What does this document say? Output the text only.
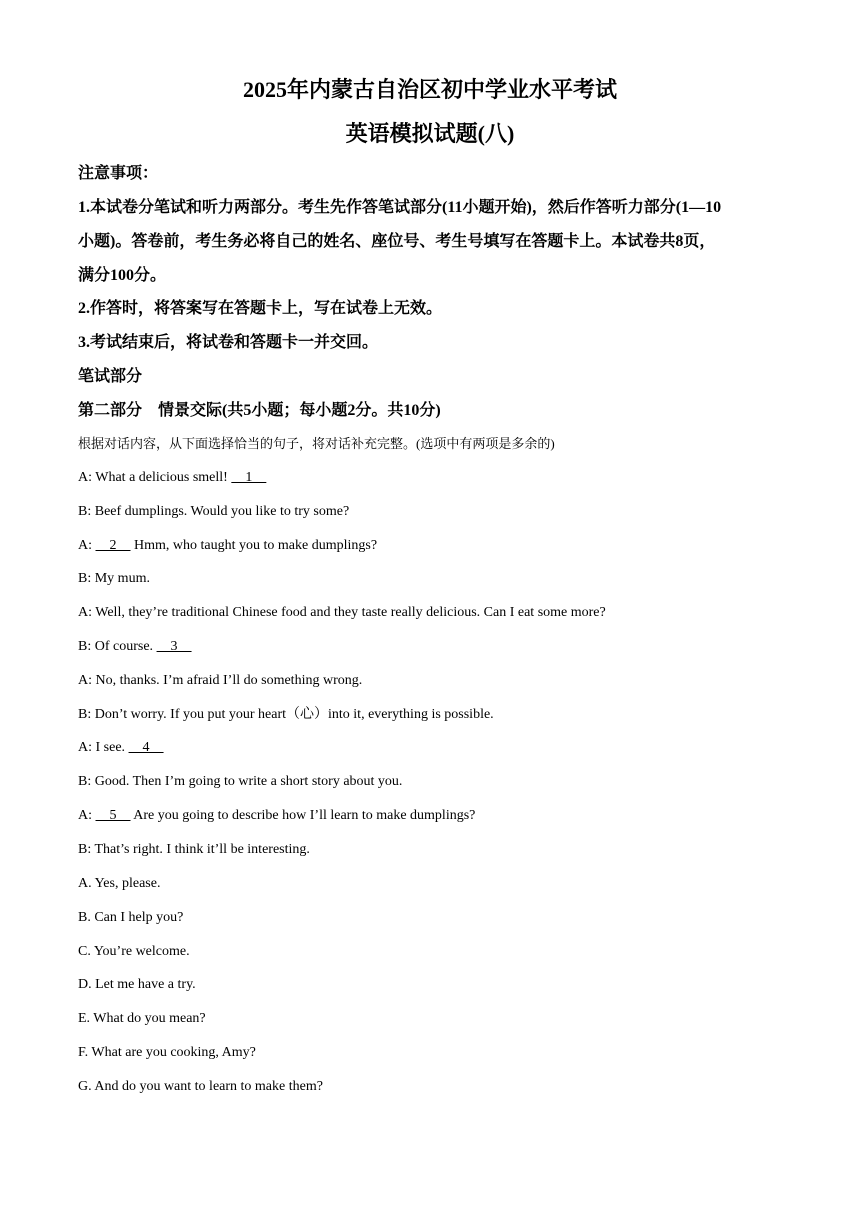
2025年内蒙古自治区初中学业水平考试
英语模拟试题(八)
注意事项：
1.本试卷分笔试和听力两部分。考生先作答笔试部分(11小题开始)，然后作答听力部分(1—10
小题)。答卷前，考生务必将自己的姓名、座位号、考生号填写在答题卡上。本试卷共8页，
满分100分。
2.作答时，将答案写在答题卡上，写在试卷上无效。
3.考试结束后，将试卷和答题卡一并交回。
笔试部分
第二部分　情景交际(共5小题；每小题2分。共10分)
根据对话内容，从下面选择恰当的句子，将对话补充完整。(选项中有两项是多余的)
A: What a delicious smell!     1
B: Beef dumplings. Would you like to try some?
A:     2     Hmm, who taught you to make dumplings?
B: My mum.
A: Well, they’re traditional Chinese food and they taste really delicious. Can I eat some more?
B: Of course.     3
A: No, thanks. I’m afraid I’ll do something wrong.
B: Don’t worry. If you put your heart（心）into it, everything is possible.
A: I see.     4
B: Good. Then I’m going to write a short story about you.
A:     5     Are you going to describe how I’ll learn to make dumplings?
B: That’s right. I think it’ll be interesting.
A. Yes, please.
B. Can I help you?
C. You’re welcome.
D. Let me have a try.
E. What do you mean?
F. What are you cooking, Amy?
G. And do you want to learn to make them?
